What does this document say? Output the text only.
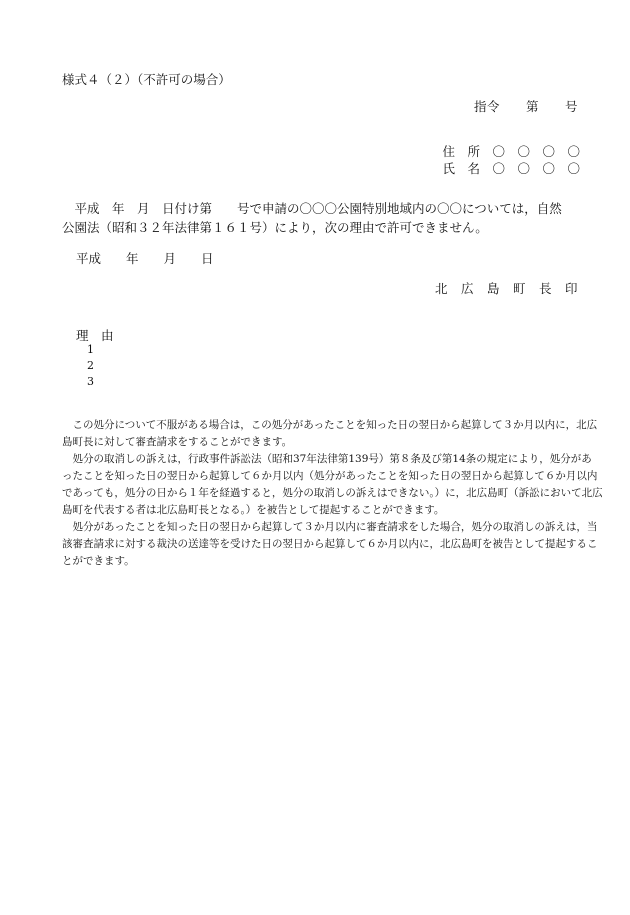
様式４（２）（不許可の場合）
指令　　第　　号
住　所　〇　〇　〇　〇
氏　名　〇　〇　〇　〇
　平成　年　月　日付け第　　号で申請の〇〇〇公園特別地域内の〇〇については，自然
公園法（昭和３２年法律第１６１号）により，次の理由で許可できません。
平成　　年　　月　　日
北　広　島　町　長　印
理　由
1
2
3
　この処分について不服がある場合は，この処分があったことを知った日の翌日から起算して３か月以内に，北広
島町長に対して審査請求をすることができます。
　処分の取消しの訴えは，行政事件訴訟法（昭和37年法律第139号）第８条及び第14条の規定により，処分があ
ったことを知った日の翌日から起算して６か月以内（処分があったことを知った日の翌日から起算して６か月以内
であっても，処分の日から１年を経過すると，処分の取消しの訴えはできない。）に，北広島町（訴訟において北広
島町を代表する者は北広島町長となる。）を被告として提起することができます。
　処分があったことを知った日の翌日から起算して３か月以内に審査請求をした場合，処分の取消しの訴えは，当
該審査請求に対する裁決の送達等を受けた日の翌日から起算して６か月以内に，北広島町を被告として提起するこ
とができます。
